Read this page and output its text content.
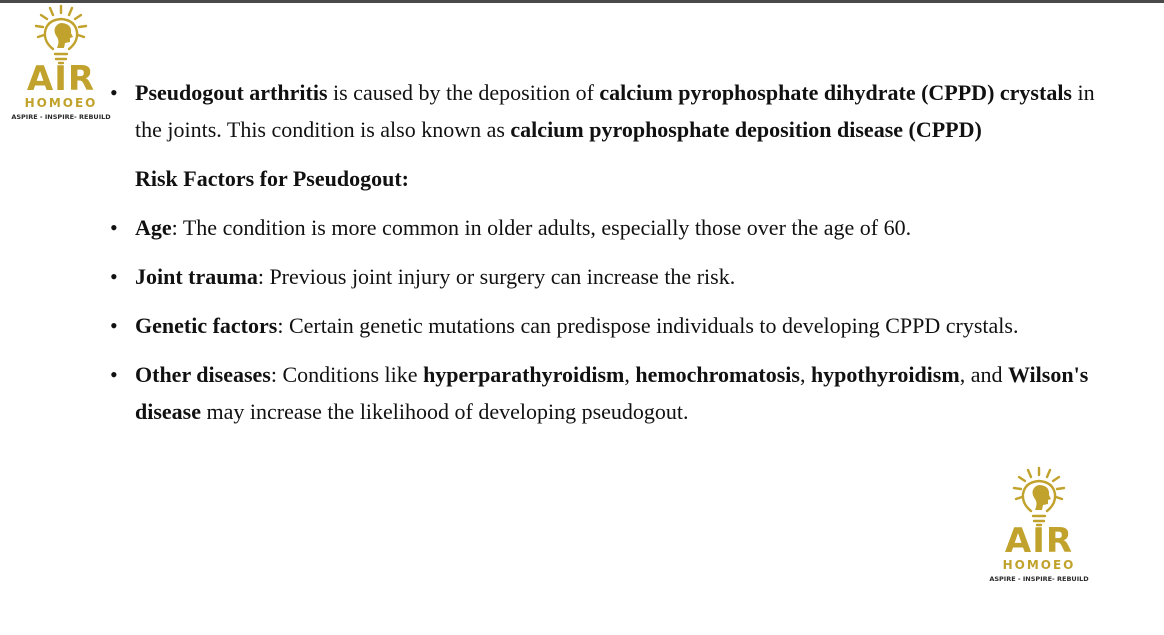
AIR
HOMOEO
ASPIRE - INSPIRE- REBUILD
• Pseudogout arthritis is caused by the deposition of calcium pyrophosphate dihydrate (CPPD) crystals in the joints. This condition is also known as calcium pyrophosphate deposition disease (CPPD)
Risk Factors for Pseudogout:
• Age: The condition is more common in older adults, especially those over the age of 60.
• Joint trauma: Previous joint injury or surgery can increase the risk.
• Genetic factors: Certain genetic mutations can predispose individuals to developing CPPD crystals.
• Other diseases: Conditions like hyperparathyroidism, hemochromatosis, hypothyroidism, and Wilson's disease may increase the likelihood of developing pseudogout.
AIR
HOMOEO
ASPIRE - INSPIRE- REBUILD
